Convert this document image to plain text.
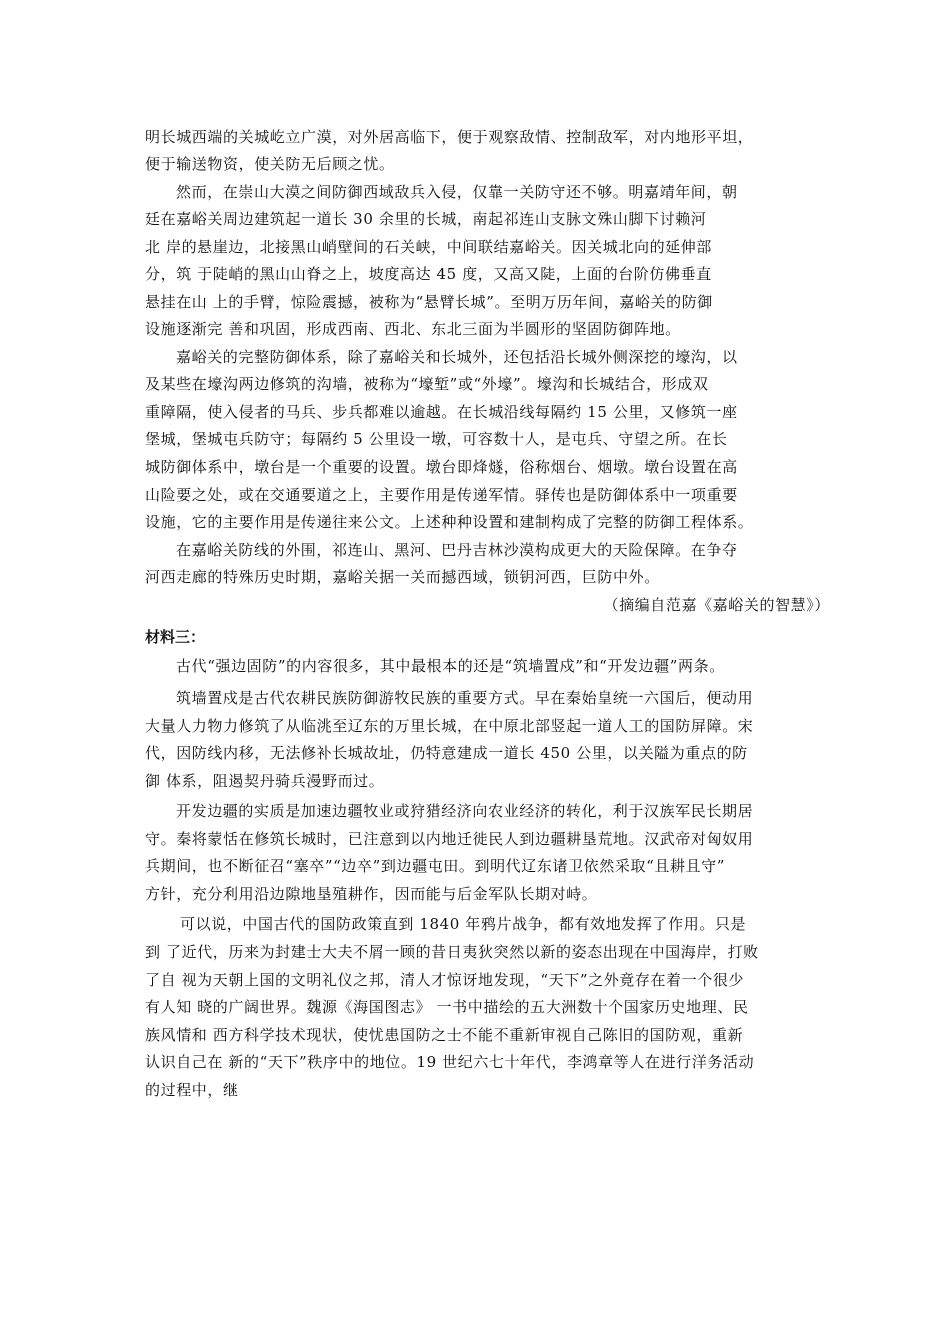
明长城西端的关城屹立广漠，对外居高临下，便于观察敌情、控制敌军，对内地形平坦，
便于输送物资，使关防无后顾之忧。
然而，在崇山大漠之间防御西域敌兵入侵，仅靠一关防守还不够。明嘉靖年间，朝
廷在嘉峪关周边建筑起一道长 30 余里的长城，南起祁连山支脉文殊山脚下讨赖河
北 岸的悬崖边，北接黑山峭壁间的石关峡，中间联结嘉峪关。因关城北向的延伸部
分，筑 于陡峭的黑山山脊之上，坡度高达 45 度，又高又陡，上面的台阶仿佛垂直
悬挂在山 上的手臂，惊险震撼，被称为“悬臂长城”。至明万历年间，嘉峪关的防御
设施逐渐完 善和巩固，形成西南、西北、东北三面为半圆形的坚固防御阵地。
嘉峪关的完整防御体系，除了嘉峪关和长城外，还包括沿长城外侧深挖的壕沟，以
及某些在壕沟两边修筑的沟墙，被称为“壕堑”或“外壕”。壕沟和长城结合，形成双
重障隔，使入侵者的马兵、步兵都难以逾越。在长城沿线每隔约 15 公里，又修筑一座
堡城，堡城屯兵防守；每隔约 5 公里设一墩，可容数十人，是屯兵、守望之所。在长
城防御体系中，墩台是一个重要的设置。墩台即烽燧，俗称烟台、烟墩。墩台设置在高
山险要之处，或在交通要道之上，主要作用是传递军情。驿传也是防御体系中一项重要
设施，它的主要作用是传递往来公文。上述种种设置和建制构成了完整的防御工程体系。
在嘉峪关防线的外围，祁连山、黑河、巴丹吉林沙漠构成更大的天险保障。在争夺
河西走廊的特殊历史时期，嘉峪关据一关而撼西域，锁钥河西，巨防中外。
（摘编自范嘉《嘉峪关的智慧》）
材料三：
古代“强边固防”的内容很多，其中最根本的还是“筑墙置戍”和“开发边疆”两条。
筑墙置戍是古代农耕民族防御游牧民族的重要方式。早在秦始皇统一六国后，便动用
大量人力物力修筑了从临洮至辽东的万里长城，在中原北部竖起一道人工的国防屏障。宋
代，因防线内移，无法修补长城故址，仍特意建成一道长 450 公里，以关隘为重点的防
御 体系，阻遏契丹骑兵漫野而过。
开发边疆的实质是加速边疆牧业或狩猎经济向农业经济的转化，利于汉族军民长期居
守。秦将蒙恬在修筑长城时，已注意到以内地迁徙民人到边疆耕垦荒地。汉武帝对匈奴用
兵期间，也不断征召“塞卒”“边卒”到边疆屯田。到明代辽东诸卫依然采取“且耕且守”
方针，充分利用沿边隙地垦殖耕作，因而能与后金军队长期对峙。
可以说，中国古代的国防政策直到 1840 年鸦片战争，都有效地发挥了作用。只是
到 了近代，历来为封建士大夫不屑一顾的昔日夷狄突然以新的姿态出现在中国海岸，打败
了自 视为天朝上国的文明礼仪之邦，清人才惊讶地发现，“天下”之外竟存在着一个很少
有人知 晓的广阔世界。魏源《海国图志》 一书中描绘的五大洲数十个国家历史地理、民
族风情和 西方科学技术现状，使忧患国防之士不能不重新审视自己陈旧的国防观，重新
认识自己在 新的“天下”秩序中的地位。19 世纪六七十年代，李鸿章等人在进行洋务活动
的过程中，继
